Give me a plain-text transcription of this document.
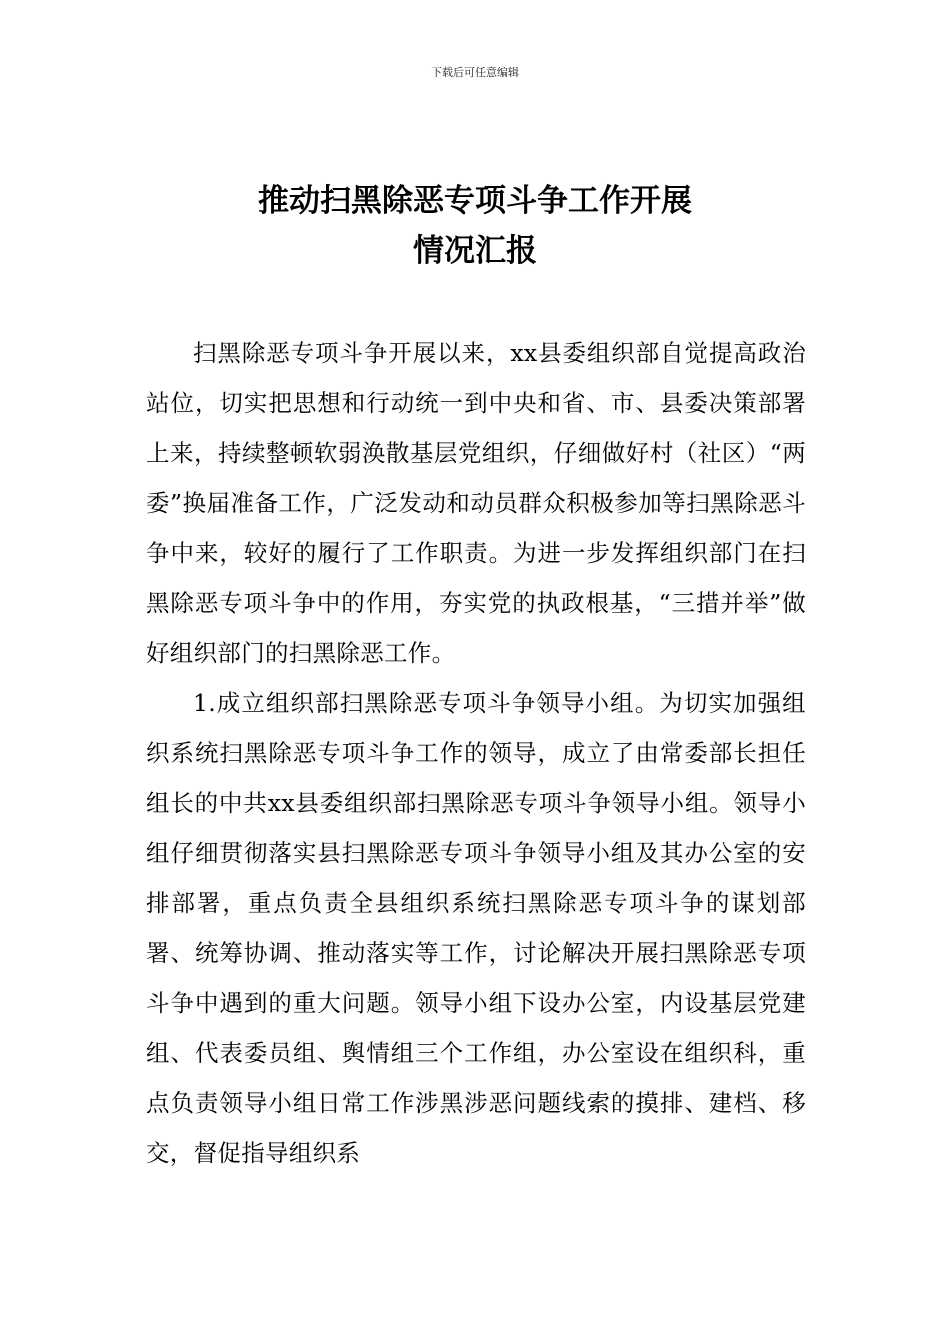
下载后可任意编辑
推动扫黑除恶专项斗争工作开展
情况汇报

扫黑除恶专项斗争开展以来，xx县委组织部自觉提高政治站位，切实把思想和行动统一到中央和省、市、县委决策部署上来，持续整顿软弱涣散基层党组织，仔细做好村（社区）“两委”换届准备工作，广泛发动和动员群众积极参加等扫黑除恶斗争中来，较好的履行了工作职责。为进一步发挥组织部门在扫黑除恶专项斗争中的作用，夯实党的执政根基，“三措并举”做好组织部门的扫黑除恶工作。

1.成立组织部扫黑除恶专项斗争领导小组。为切实加强组织系统扫黑除恶专项斗争工作的领导，成立了由常委部长担任组长的中共xx县委组织部扫黑除恶专项斗争领导小组。领导小组仔细贯彻落实县扫黑除恶专项斗争领导小组及其办公室的安排部署，重点负责全县组织系统扫黑除恶专项斗争的谋划部署、统筹协调、推动落实等工作，讨论解决开展扫黑除恶专项斗争中遇到的重大问题。领导小组下设办公室，内设基层党建组、代表委员组、舆情组三个工作组，办公室设在组织科，重点负责领导小组日常工作涉黑涉恶问题线索的摸排、建档、移交，督促指导组织系
